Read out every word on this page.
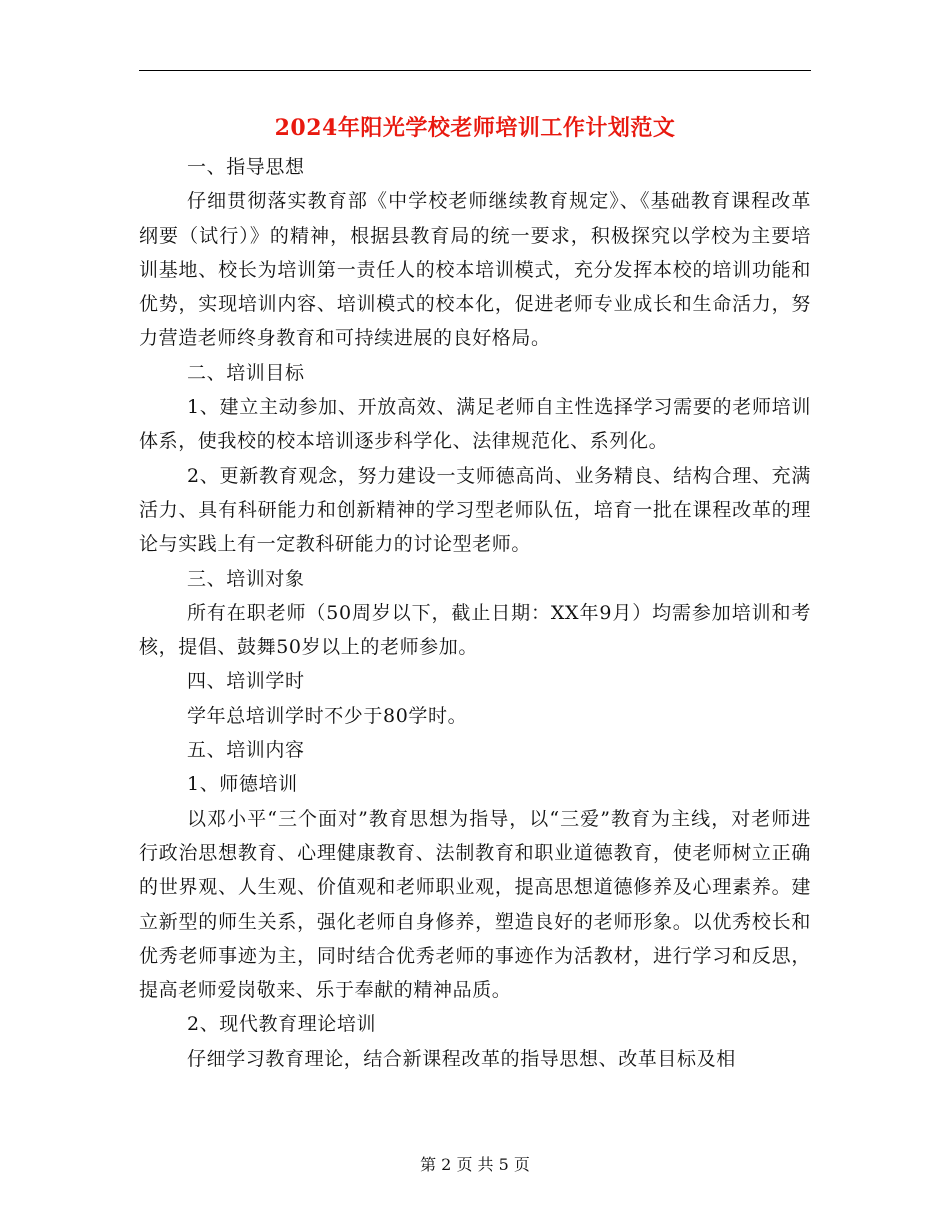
2024年阳光学校老师培训工作计划范文

一、指导思想

仔细贯彻落实教育部《中学校老师继续教育规定》、《基础教育课程改革纲要（试行）》的精神，根据县教育局的统一要求，积极探究以学校为主要培训基地、校长为培训第一责任人的校本培训模式，充分发挥本校的培训功能和优势，实现培训内容、培训模式的校本化，促进老师专业成长和生命活力，努力营造老师终身教育和可持续进展的良好格局。

二、培训目标

1、建立主动参加、开放高效、满足老师自主性选择学习需要的老师培训体系，使我校的校本培训逐步科学化、法律规范化、系列化。

2、更新教育观念，努力建设一支师德高尚、业务精良、结构合理、充满活力、具有科研能力和创新精神的学习型老师队伍，培育一批在课程改革的理论与实践上有一定教科研能力的讨论型老师。

三、培训对象

所有在职老师（50周岁以下，截止日期：XX年9月）均需参加培训和考核，提倡、鼓舞50岁以上的老师参加。

四、培训学时

学年总培训学时不少于80学时。

五、培训内容

1、师德培训

以邓小平“三个面对”教育思想为指导，以“三爱”教育为主线，对老师进行政治思想教育、心理健康教育、法制教育和职业道德教育，使老师树立正确的世界观、人生观、价值观和老师职业观，提高思想道德修养及心理素养。建立新型的师生关系，强化老师自身修养，塑造良好的老师形象。以优秀校长和优秀老师事迹为主，同时结合优秀老师的事迹作为活教材，进行学习和反思，提高老师爱岗敬来、乐于奉献的精神品质。

2、现代教育理论培训

仔细学习教育理论，结合新课程改革的指导思想、改革目标及相

第 2 页 共 5 页
